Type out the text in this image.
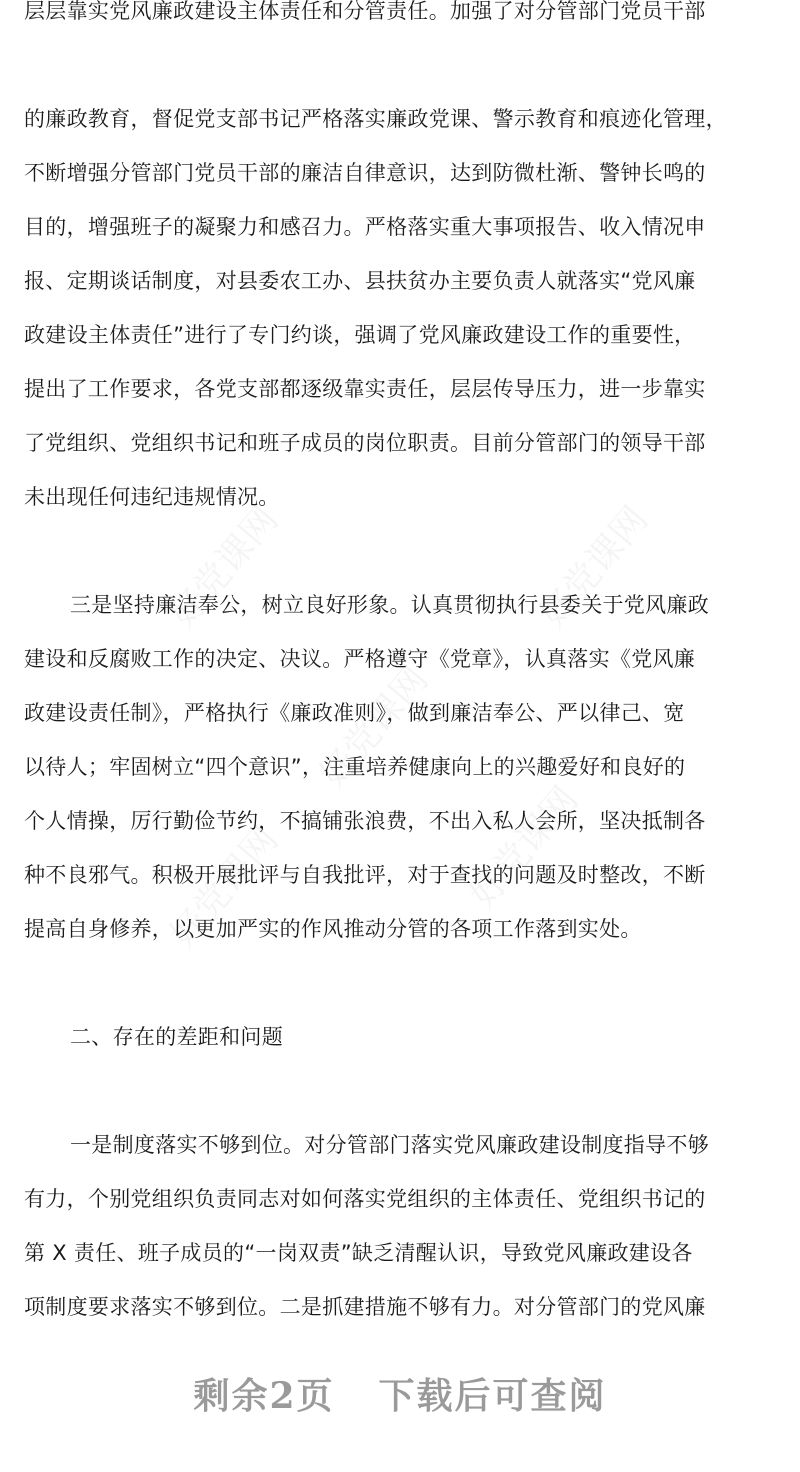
好党课网	好党课网
好党课网
好党课网	好党课网
层层靠实党风廉政建设主体责任和分管责任。加强了对分管部门党员干部
的廉政教育，督促党支部书记严格落实廉政党课、警示教育和痕迹化管理，
不断增强分管部门党员干部的廉洁自律意识，达到防微杜渐、警钟长鸣的
目的，增强班子的凝聚力和感召力。严格落实重大事项报告、收入情况申
报、定期谈话制度，对县委农工办、县扶贫办主要负责人就落实“党风廉
政建设主体责任”进行了专门约谈，强调了党风廉政建设工作的重要性，
提出了工作要求，各党支部都逐级靠实责任，层层传导压力，进一步靠实
了党组织、党组织书记和班子成员的岗位职责。目前分管部门的领导干部
未出现任何违纪违规情况。
三是坚持廉洁奉公，树立良好形象。认真贯彻执行县委关于党风廉政
建设和反腐败工作的决定、决议。严格遵守《党章》，认真落实《党风廉
政建设责任制》，严格执行《廉政准则》，做到廉洁奉公、严以律己、宽
以待人；牢固树立“四个意识”，注重培养健康向上的兴趣爱好和良好的
个人情操，厉行勤俭节约，不搞铺张浪费，不出入私人会所，坚决抵制各
种不良邪气。积极开展批评与自我批评，对于查找的问题及时整改，不断
提高自身修养，以更加严实的作风推动分管的各项工作落到实处。
二、存在的差距和问题
一是制度落实不够到位。对分管部门落实党风廉政建设制度指导不够
有力，个别党组织负责同志对如何落实党组织的主体责任、党组织书记的
第 X 责任、班子成员的“一岗双责”缺乏清醒认识，导致党风廉政建设各
项制度要求落实不够到位。二是抓建措施不够有力。对分管部门的党风廉
剩余2页 下载后可查阅
